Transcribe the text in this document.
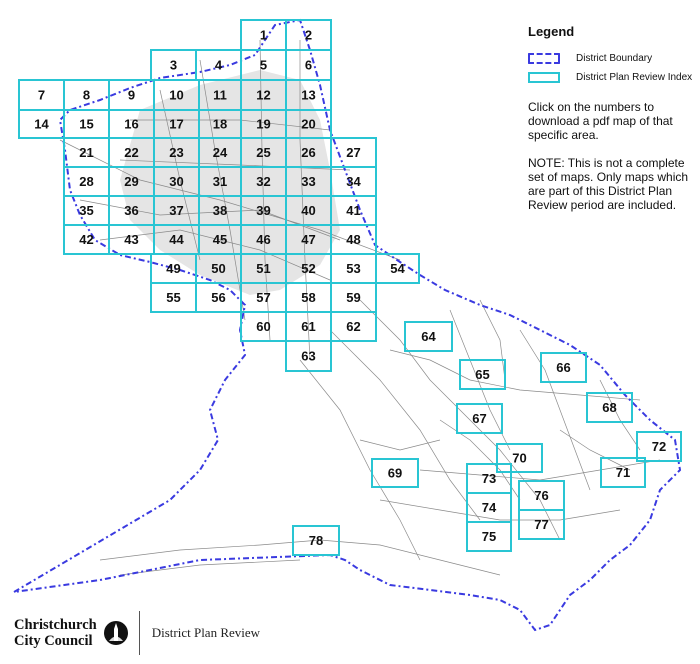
1	2
3	4	5	6
7	8	9	10 11 12 13
14 15 16 17 18 19 20
21 22 23 24 25 26 27
28 29 30 31 32 33 34
35 36 37 38 39 40 41
42 43 44 45 46 47 48
49 50 51 52 53 54
55 56 57 58 59
60 61 62
63
64
65	66
67
68
69
70
71
72
73
74
75
76
77
78
Legend
District Boundary
District Plan Review Index
Click on the numbers to download a pdf map of that specific area.
NOTE: This is not a complete set of maps. Only maps which are part of this District Plan Review period are included.
Christchurch
City Council
District Plan Review
